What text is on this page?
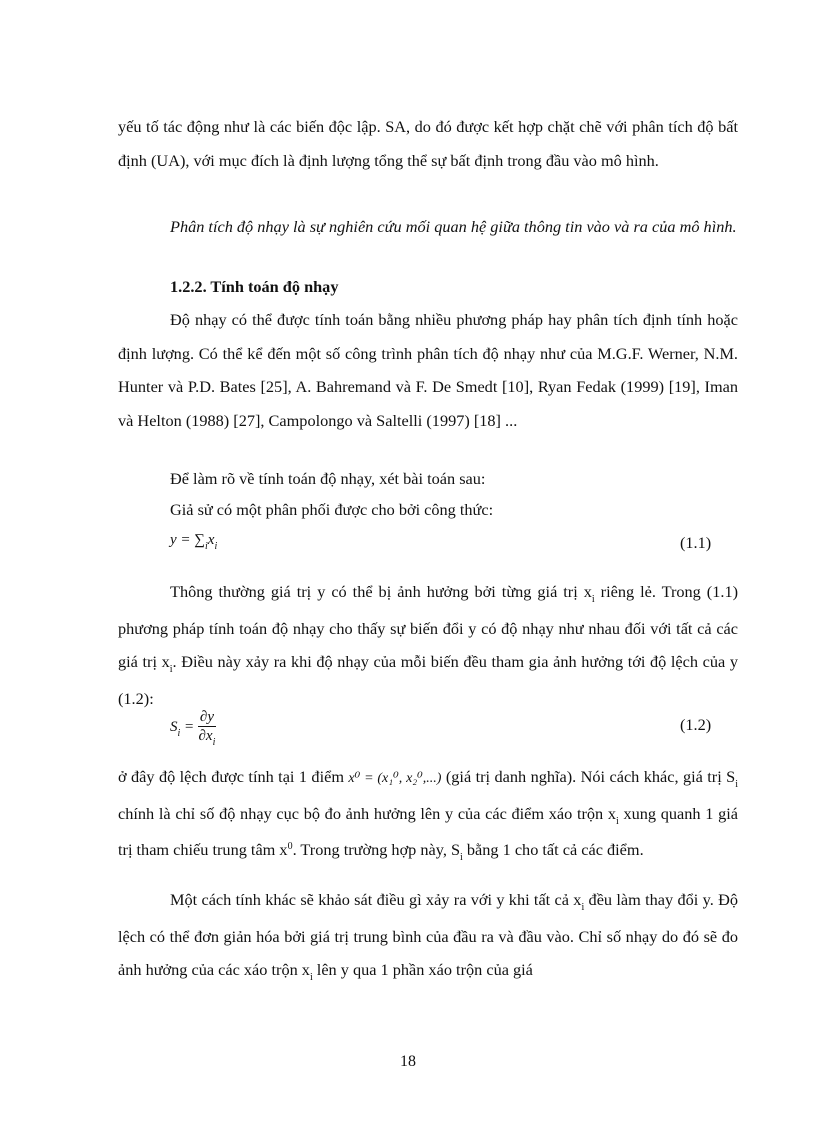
yếu tố tác động như là các biến độc lập. SA, do đó được kết hợp chặt chẽ với phân tích độ bất định (UA), với mục đích là định lượng tổng thể sự bất định trong đầu vào mô hình.

Phân tích độ nhạy là sự nghiên cứu mối quan hệ giữa thông tin vào và ra của mô hình.

1.2.2. Tính toán độ nhạy

Độ nhạy có thể được tính toán bằng nhiều phương pháp hay phân tích định tính hoặc định lượng. Có thể kể đến một số công trình phân tích độ nhạy như của M.G.F. Werner, N.M. Hunter và P.D. Bates [25], A. Bahremand và F. De Smedt [10], Ryan Fedak (1999) [19], Iman và Helton (1988) [27], Campolongo và Saltelli (1997) [18] ...

Để làm rõ về tính toán độ nhạy, xét bài toán sau:

Giả sử có một phân phối được cho bởi công thức:

$y = \sum_ix_i$	(1.1)

Thông thường giá trị y có thể bị ảnh hưởng bởi từng giá trị $x_i$ riêng lẻ. Trong (1.1) phương pháp tính toán độ nhạy cho thấy sự biến đổi y có độ nhạy như nhau đối với tất cả các giá trị $x_i$. Điều này xảy ra khi độ nhạy của mỗi biến đều tham gia ảnh hưởng tới độ lệch của y (1.2):

$S_i = \frac{\partial y}{\partial x_i}$	(1.2)

ở đây độ lệch được tính tại 1 điểm x⁰ = (x₁⁰, x₂⁰,...) (giá trị danh nghĩa). Nói cách khác, giá trị $S_i$ chính là chỉ số độ nhạy cục bộ đo ảnh hưởng lên y của các điểm xáo trộn $x_i$ xung quanh 1 giá trị tham chiếu trung tâm $x^0$. Trong trường hợp này, $S_i$ bằng 1 cho tất cả các điểm.

Một cách tính khác sẽ khảo sát điều gì xảy ra với y khi tất cả $x_i$ đều làm thay đổi y. Độ lệch có thể đơn giản hóa bởi giá trị trung bình của đầu ra và đầu vào. Chỉ số nhạy do đó sẽ đo ảnh hưởng của các xáo trộn $x_i$ lên y qua 1 phần xáo trộn của giá

18
